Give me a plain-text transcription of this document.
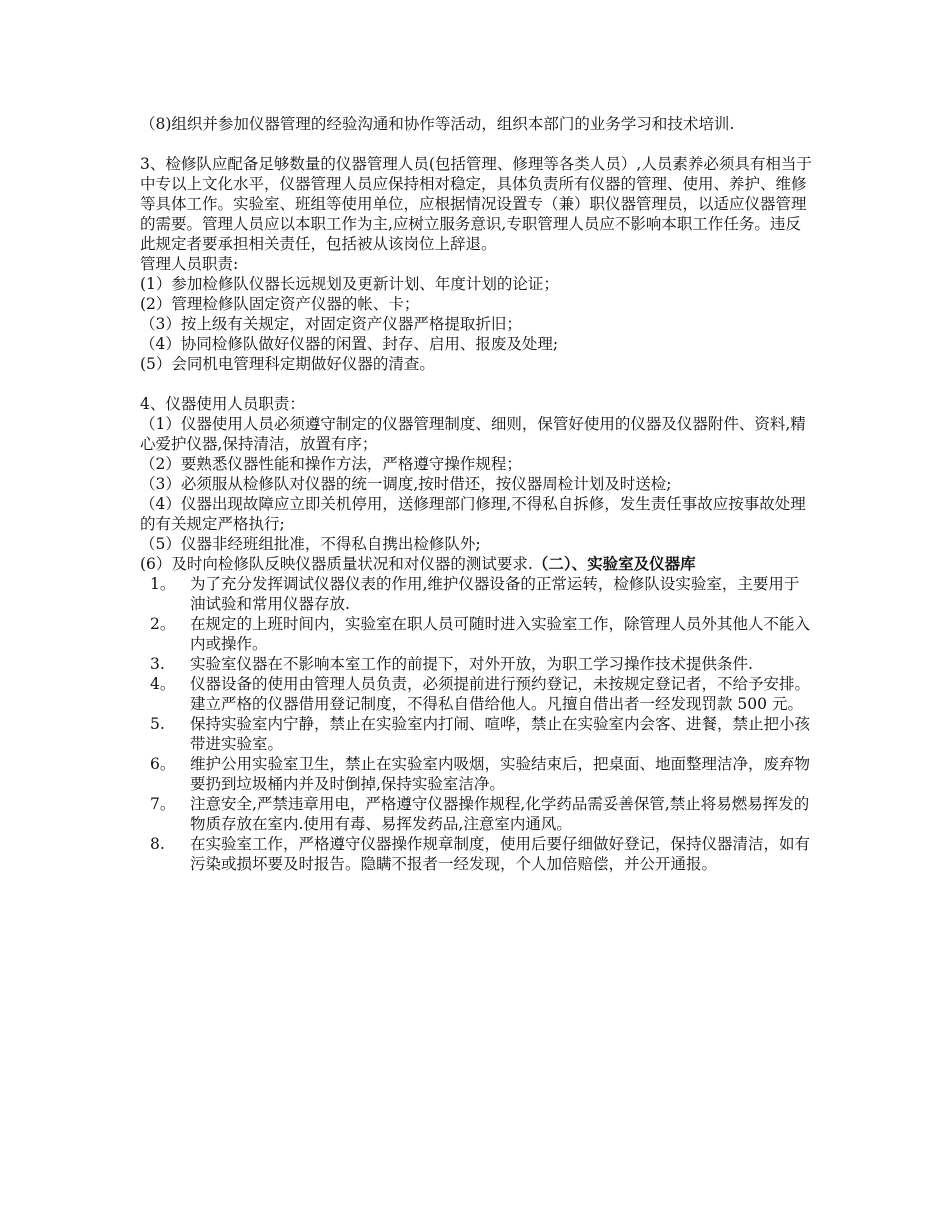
（8)组织并参加仪器管理的经验沟通和协作等活动，组织本部门的业务学习和技术培训.

3、检修队应配备足够数量的仪器管理人员(包括管理、修理等各类人员）,人员素养必须具有相当于中专以上文化水平，仪器管理人员应保持相对稳定，具体负责所有仪器的管理、使用、养护、维修等具体工作。实验室、班组等使用单位，应根据情况设置专（兼）职仪器管理员，以适应仪器管理的需要。管理人员应以本职工作为主,应树立服务意识,专职管理人员应不影响本职工作任务。违反此规定者要承担相关责任，包括被从该岗位上辞退。

管理人员职责:

(1）参加检修队仪器长远规划及更新计划、年度计划的论证；

(2）管理检修队固定资产仪器的帐、卡；

（3）按上级有关规定，对固定资产仪器严格提取折旧；

（4）协同检修队做好仪器的闲置、封存、启用、报废及处理;

(5）会同机电管理科定期做好仪器的清查。

4、仪器使用人员职责：

（1）仪器使用人员必须遵守制定的仪器管理制度、细则，保管好使用的仪器及仪器附件、资料,精心爱护仪器,保持清洁，放置有序；

（2）要熟悉仪器性能和操作方法，严格遵守操作规程；

（3）必须服从检修队对仪器的统一调度,按时借还，按仪器周检计划及时送检;

（4）仪器出现故障应立即关机停用，送修理部门修理,不得私自拆修，发生责任事故应按事故处理的有关规定严格执行;

（5）仪器非经班组批准，不得私自携出检修队外;

(6）及时向检修队反映仪器质量状况和对仪器的测试要求.（二）、实验室及仪器库

1。 为了充分发挥调试仪器仪表的作用,维护仪器设备的正常运转，检修队设实验室，主要用于油试验和常用仪器存放.
2。 在规定的上班时间内，实验室在职人员可随时进入实验室工作，除管理人员外其他人不能入内或操作。
3.	实验室仪器在不影响本室工作的前提下，对外开放，为职工学习操作技术提供条件.
4。 仪器设备的使用由管理人员负责，必须提前进行预约登记，未按规定登记者，不给予安排。建立严格的仪器借用登记制度，不得私自借给他人。凡擅自借出者一经发现罚款 500 元。
5.	保持实验室内宁静，禁止在实验室内打闹、喧哗，禁止在实验室内会客、进餐，禁止把小孩带进实验室。
6。 维护公用实验室卫生，禁止在实验室内吸烟，实验结束后，把桌面、地面整理洁净，废弃物要扔到垃圾桶内并及时倒掉,保持实验室洁净。
7。 注意安全,严禁违章用电，严格遵守仪器操作规程,化学药品需妥善保管,禁止将易燃易挥发的物质存放在室内.使用有毒、易挥发药品,注意室内通风。
8.	在实验室工作，严格遵守仪器操作规章制度，使用后要仔细做好登记，保持仪器清洁，如有污染或损坏要及时报告。隐瞒不报者一经发现，个人加倍赔偿，并公开通报。
